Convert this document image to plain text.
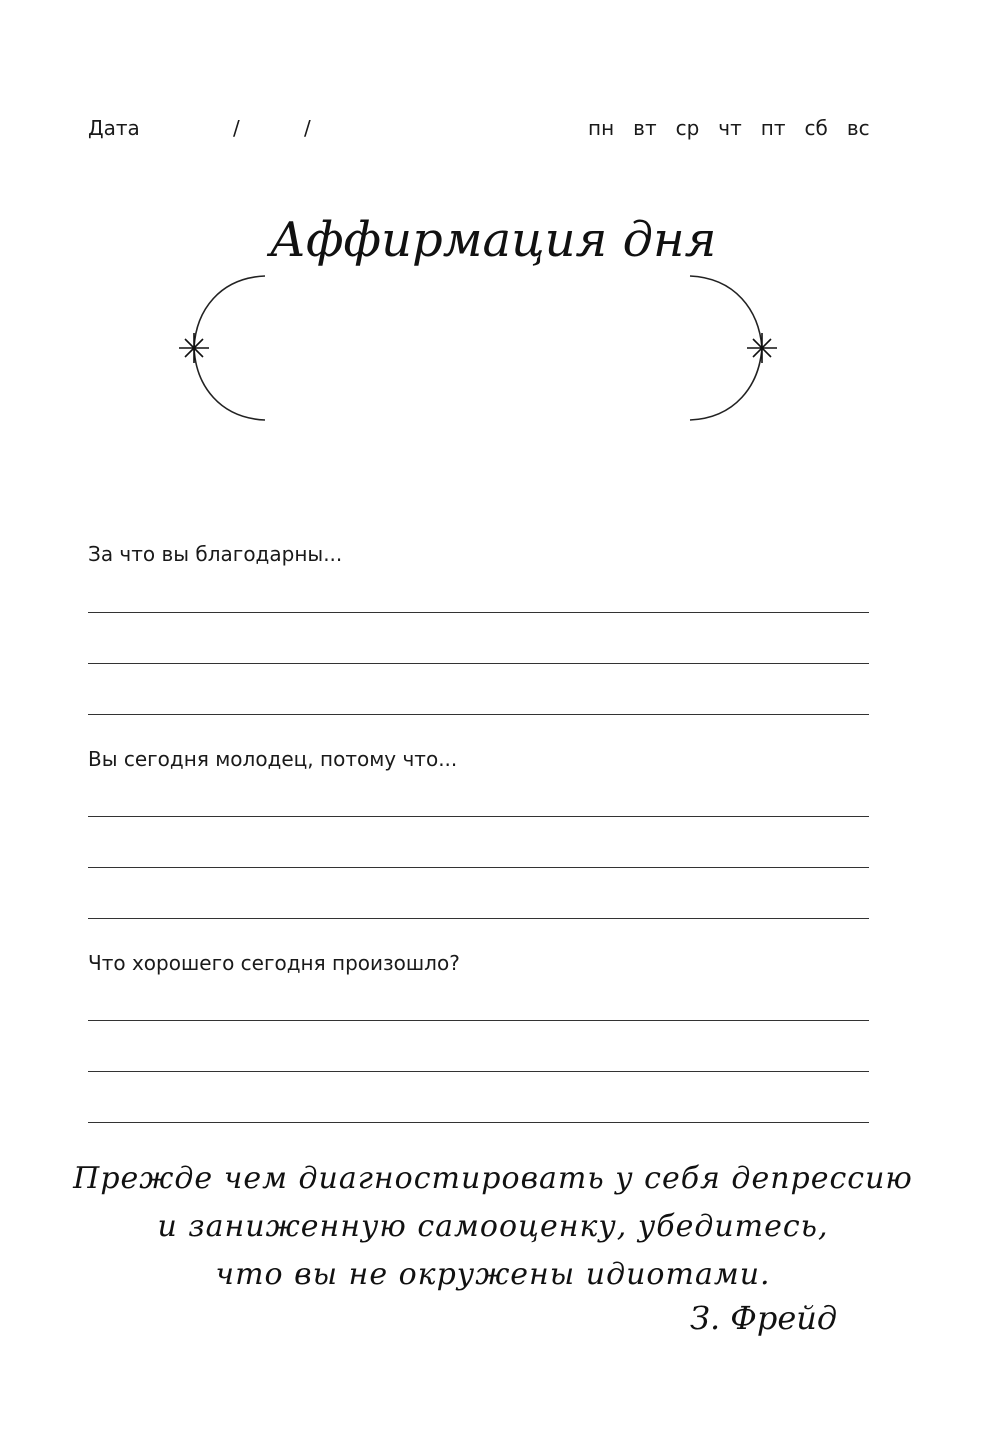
Дата	/	/	пн вт ср чт пт сб вс
Аффирмация дня
За что вы благодарны...
Вы сегодня молодец, потому что...
Что хорошего сегодня произошло?
Прежде чем диагностировать у себя депрессию
и заниженную самооценку, убедитесь,
что вы не окружены идиотами.
З. Фрейд
